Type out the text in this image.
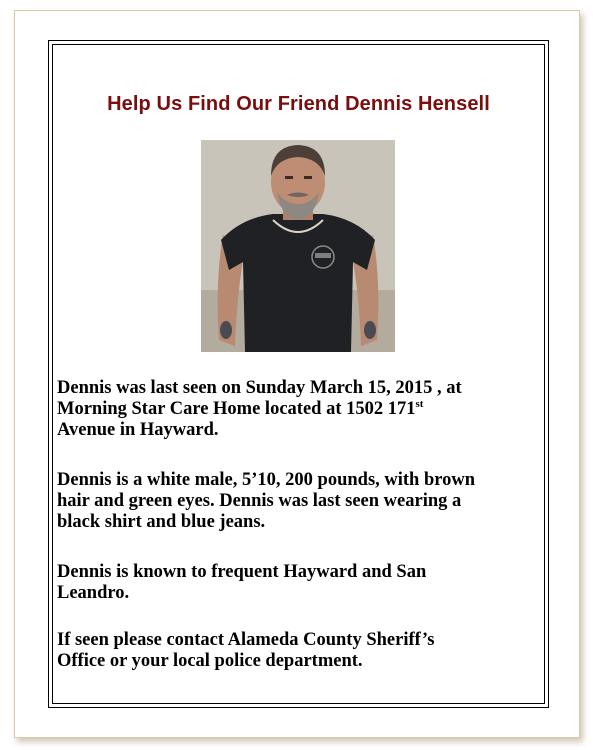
Help Us Find Our Friend Dennis Hensell

Dennis was last seen on Sunday March 15, 2015 , at
Morning Star Care Home located at 1502 171st
Avenue in Hayward.

Dennis is a white male, 5’10, 200 pounds, with brown
hair and green eyes. Dennis was last seen wearing a
black shirt and blue jeans.

Dennis is known to frequent Hayward and San
Leandro.

If seen please contact Alameda County Sheriff’s
Office or your local police department.
